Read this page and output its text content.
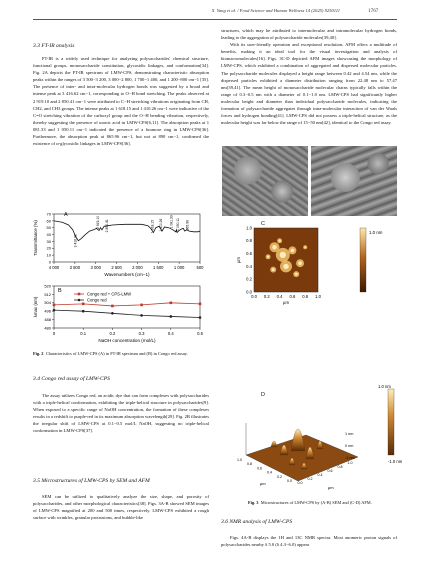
X. Yang et al. / Food Science and Human Wellness 14 (2025) 9250111	1767
3.3 FT-IR analysis

FT-IR is a widely used technique for analyzing polysaccharides' chemical structure, functional groups, monosaccharide constitution, glycosidic linkages, and conformation[34]. Fig. 2A depicts the FT-IR spectrum of LMW-CPS, demonstrating characteristic absorption peaks within the ranges of 3 500−3 200, 3 000−2 800, 1 700−1 400, and 1 200−800 cm−1 [35]. The presence of inter- and intra-molecular hydrogen bonds was suggested by a broad and intense peak at 3 416.62 cm−1, corresponding to O−H bond stretching. The peaks observed at 2 919.10 and 2 850.41 cm−1 were attributed to C−H stretching vibrations originating from CH, CH2, and CH3 groups. The intense peaks at 1 618.15 and 1 410.26 cm−1 were indicative of the C=O stretching vibration of the carboxyl group and the O−H bending vibration, respectively, thereby suggesting the presence of uronic acid in LMW-CPS[6,11]. The absorption peaks at 1 081.33 and 1 050.11 cm−1 indicated the presence of a furanose ring in LMW-CPS[36]. Furthermore, the absorption peak at 865.96 cm−1, but not at 890 cm−1, confirmed the existence of α-glycosidic linkages in LMW-CPS[36].

A
4 000 3 500 3 000 2 500 2 000 1 500 1 000	500
70
60
50
40
30
20
10
0
Wavenumbers (cm−1)
Transmittance (%)	3 416.62
2 919.10 2 850.41	1 618.15 1 410.26 1 081.33 1 050.11 865.96
B
520
512
504
496
488
480
0	0.1	0.2	0.3	0.4	0.5
NaOH concentration (mol/L)
λmax (nm)
Congo red + CPS-LMW
Congo red
Fig. 2 Characteristics of LMW-CPS (A) in FT-IR spectrum and (B) in Congo red assay.
3.4 Congo red assay of LMW-CPS

The assay utilizes Congo red, an acidic dye that can form complexes with polysaccharides with a triple-helical conformation, exhibiting the triple-helical structure in polysaccharides[9]. When exposed to a specific range of NaOH concentration, the formation of these complexes results in a redshift to purple-red in its maximum absorption wavelength[29]. Fig. 2B illustrates the irregular shift of LMW-CPS at 0.1−0.5 mol/L NaOH, suggesting no triple-helical conformation in LMW-CPS[37].

3.5 Microstructures of LMW-CPS by SEM and AFM

SEM can be utilized to qualitatively analyze the size, shape, and porosity of polysaccharides, and other morphological characteristics[38]. Figs. 3A-B showed SEM images of LMW-CPS magnified at 200 and 500 times, respectively. LMW-CPS exhibited a rough surface with wrinkles, granular protrusions, and bubble-like

structures, which may be attributed to intermolecular and intramolecular hydrogen bonds, leading to the aggregation of polysaccharide molecules[39,40].

With its user-friendly operation and exceptional resolution, AFM offers a multitude of benefits, making it an ideal tool for the visual investigation and analysis of biomacromolecules[16]. Figs. 3C-D depicted AFM images showcasing the morphology of LMW-CPS, which exhibited a combination of aggregated and dispersed molecular particles. The polysaccharide molecules displayed a height range between 0.42 and 4.54 nm, while the dispersed particles exhibited a diameter distribution ranging from 22.48 nm to 57.47 nm[39,41]. The mean height of monosaccharide molecular chains typically falls within the range of 0.3−0.5 nm with a diameter of 0.1−1.0 nm. LMW-CPS had significantly higher molecular height and diameter than individual polysaccharide molecules, indicating the formation of polysaccharide aggregates through intra-molecular interaction of van der Waals forces and hydrogen bonding[41]. LMW-CPS did not possess a triple-helical structure, as the molecular height was far below the range of 15−50 nm[42], identical to the Congo red assay.

C
0.0 0.2 0.4 0.6 0.8 1.0
1.0
0.8
0.6
0.4
0.2
0.0
μm
μm
1.0 nm
D
1 nm
0 nm
-1 nm
0.0
0.2
0.4
0.6
0.8
1.0
1.0
0.8
0.6
0.4
0.2
0.0
μm
μm
1.0 nm
-1.0 nm
Fig. 3 Microstructures of LMW-CPS by (A-B) SEM and (C-D) AFM.
3.6 NMR analysis of LMW-CPS

Figs. 4A-B displays the 1H and 13C NMR spectra. Most anomeric proton signals of polysaccharides nearby δ 5.0 (δ 4.3−6.0) appear
